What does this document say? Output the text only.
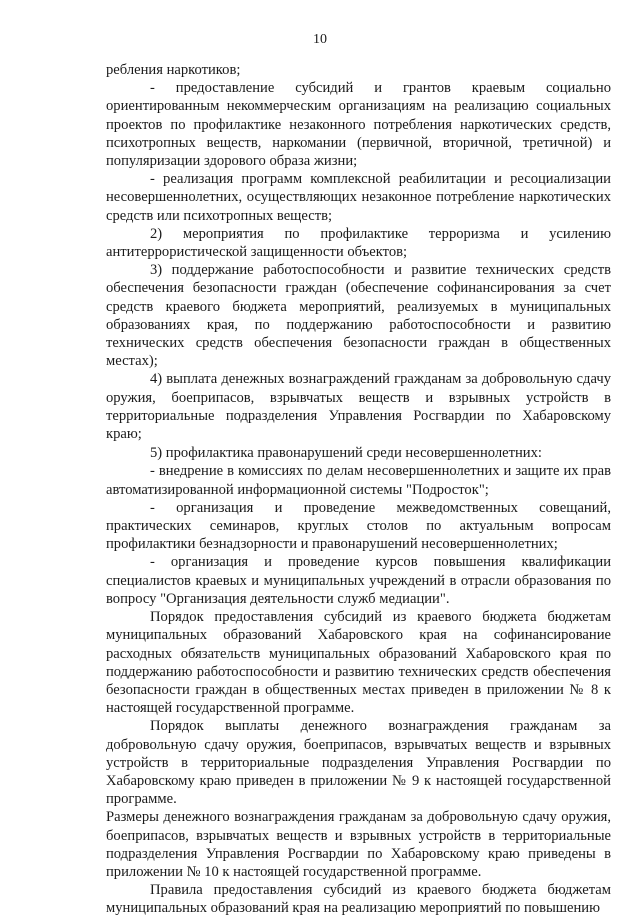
10

ребления наркотиков;

- предоставление субсидий и грантов краевым социально ориентированным некоммерческим организациям на реализацию социальных проектов по профилактике незаконного потребления наркотических средств, психотропных веществ, наркомании (первичной, вторичной, третичной) и популяризации здорового образа жизни;

- реализация программ комплексной реабилитации и ресоциализации несовершеннолетних, осуществляющих незаконное потребление наркотических средств или психотропных веществ;

2) мероприятия по профилактике терроризма и усилению антитеррористической защищенности объектов;

3) поддержание работоспособности и развитие технических средств обеспечения безопасности граждан (обеспечение софинансирования за счет средств краевого бюджета мероприятий, реализуемых в муниципальных образованиях края, по поддержанию работоспособности и развитию технических средств обеспечения безопасности граждан в общественных местах);

4) выплата денежных вознаграждений гражданам за добровольную сдачу оружия, боеприпасов, взрывчатых веществ и взрывных устройств в территориальные подразделения Управления Росгвардии по Хабаровскому краю;

5) профилактика правонарушений среди несовершеннолетних:

- внедрение в комиссиях по делам несовершеннолетних и защите их прав автоматизированной информационной системы "Подросток";

- организация и проведение межведомственных совещаний, практических семинаров, круглых столов по актуальным вопросам профилактики безнадзорности и правонарушений несовершеннолетних;

- организация и проведение курсов повышения квалификации специалистов краевых и муниципальных учреждений в отрасли образования по вопросу "Организация деятельности служб медиации".

Порядок предоставления субсидий из краевого бюджета бюджетам муниципальных образований Хабаровского края на софинансирование расходных обязательств муниципальных образований Хабаровского края по поддержанию работоспособности и развитию технических средств обеспечения безопасности граждан в общественных местах приведен в приложении № 8 к настоящей государственной программе.

Порядок выплаты денежного вознаграждения гражданам за добровольную сдачу оружия, боеприпасов, взрывчатых веществ и взрывных устройств в территориальные подразделения Управления Росгвардии по Хабаровскому краю приведен в приложении № 9 к настоящей государственной программе.

Размеры денежного вознаграждения гражданам за добровольную сдачу оружия, боеприпасов, взрывчатых веществ и взрывных устройств в территориальные подразделения Управления Росгвардии по Хабаровскому краю приведены в приложении № 10 к настоящей государственной программе.

Правила предоставления субсидий из краевого бюджета бюджетам муниципальных образований края на реализацию мероприятий по повышению
